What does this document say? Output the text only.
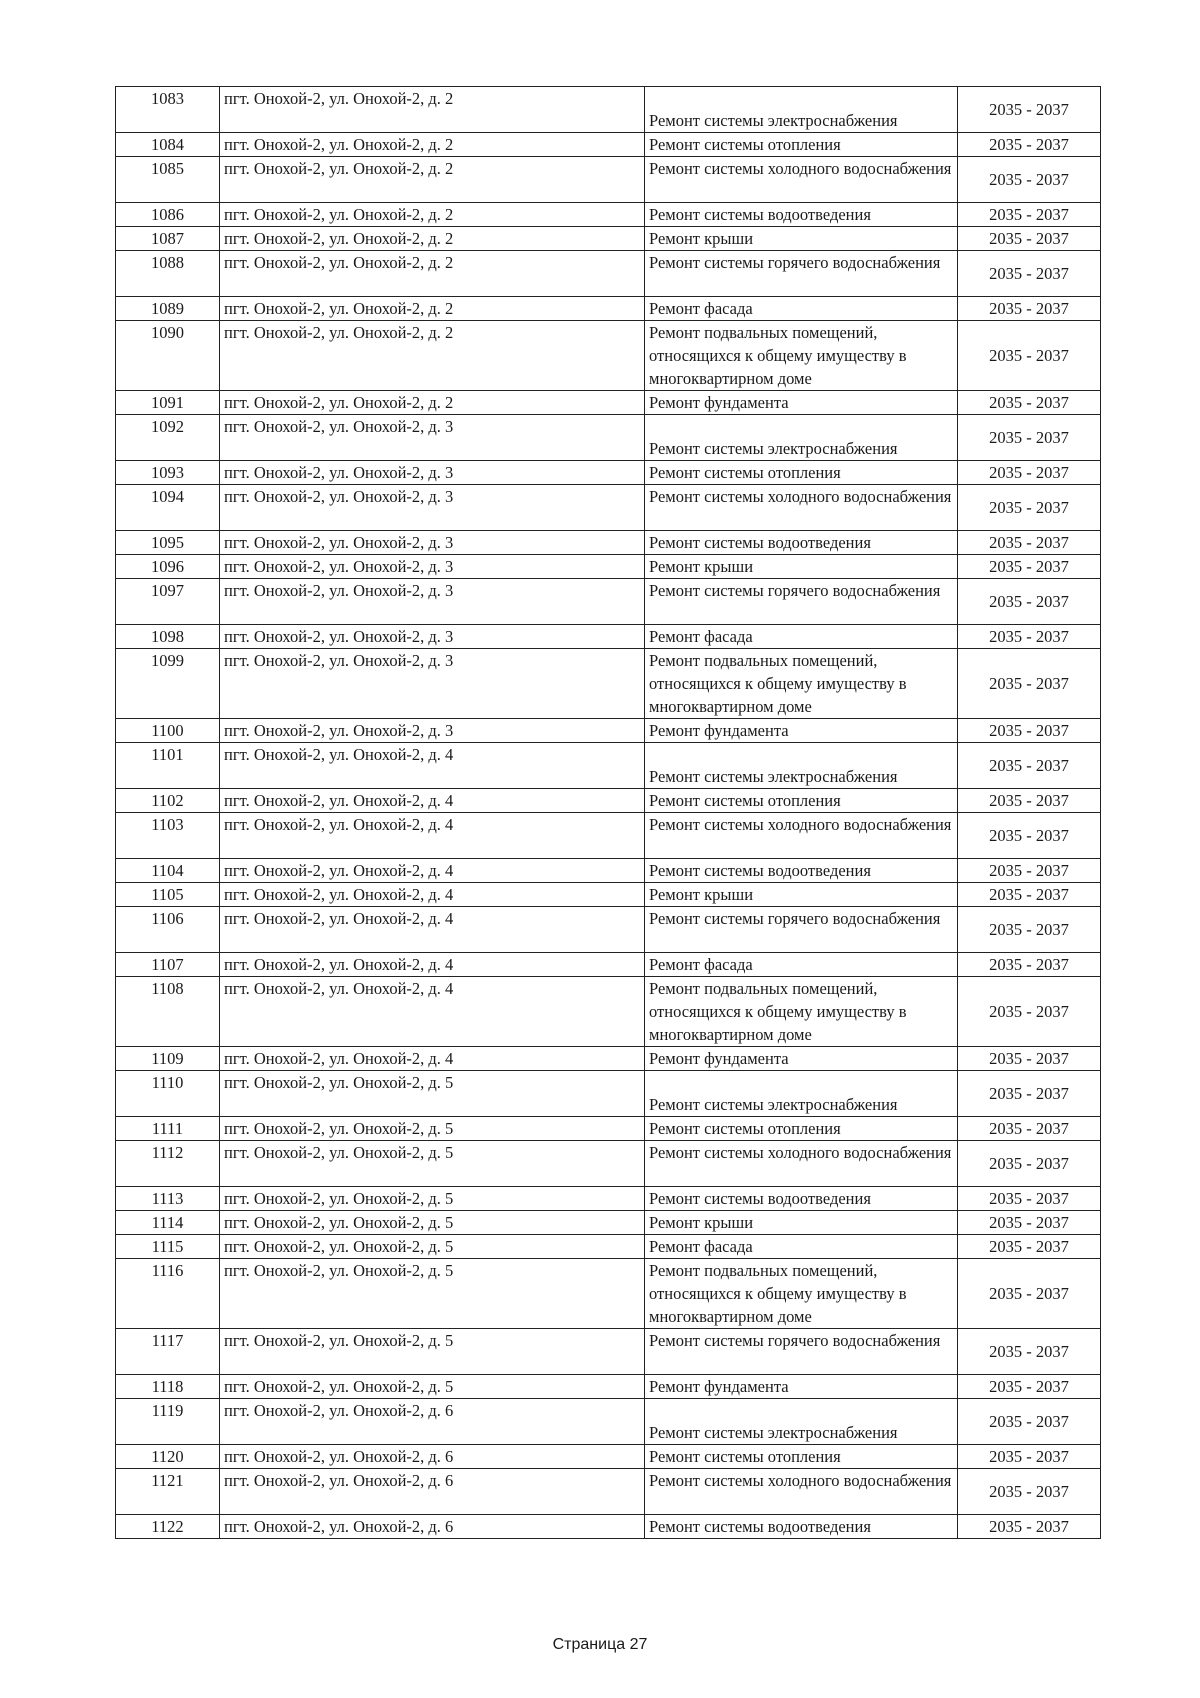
1083	пгт. Онохой-2, ул. Онохой-2, д. 2	Ремонт системы электроснабжения	2035 - 2037
1084	пгт. Онохой-2, ул. Онохой-2, д. 2	Ремонт системы отопления	2035 - 2037
1085	пгт. Онохой-2, ул. Онохой-2, д. 2	Ремонт системы холодного водоснабжения	2035 - 2037
1086	пгт. Онохой-2, ул. Онохой-2, д. 2	Ремонт системы водоотведения	2035 - 2037
1087	пгт. Онохой-2, ул. Онохой-2, д. 2	Ремонт крыши	2035 - 2037
1088	пгт. Онохой-2, ул. Онохой-2, д. 2	Ремонт системы горячего водоснабжения	2035 - 2037
1089	пгт. Онохой-2, ул. Онохой-2, д. 2	Ремонт фасада	2035 - 2037
1090	пгт. Онохой-2, ул. Онохой-2, д. 2	Ремонт подвальных помещений, относящихся к общему имуществу в многоквартирном доме	2035 - 2037
1091	пгт. Онохой-2, ул. Онохой-2, д. 2	Ремонт фундамента	2035 - 2037
1092	пгт. Онохой-2, ул. Онохой-2, д. 3	Ремонт системы электроснабжения	2035 - 2037
1093	пгт. Онохой-2, ул. Онохой-2, д. 3	Ремонт системы отопления	2035 - 2037
1094	пгт. Онохой-2, ул. Онохой-2, д. 3	Ремонт системы холодного водоснабжения	2035 - 2037
1095	пгт. Онохой-2, ул. Онохой-2, д. 3	Ремонт системы водоотведения	2035 - 2037
1096	пгт. Онохой-2, ул. Онохой-2, д. 3	Ремонт крыши	2035 - 2037
1097	пгт. Онохой-2, ул. Онохой-2, д. 3	Ремонт системы горячего водоснабжения	2035 - 2037
1098	пгт. Онохой-2, ул. Онохой-2, д. 3	Ремонт фасада	2035 - 2037
1099	пгт. Онохой-2, ул. Онохой-2, д. 3	Ремонт подвальных помещений, относящихся к общему имуществу в многоквартирном доме	2035 - 2037
1100	пгт. Онохой-2, ул. Онохой-2, д. 3	Ремонт фундамента	2035 - 2037
1101	пгт. Онохой-2, ул. Онохой-2, д. 4	Ремонт системы электроснабжения	2035 - 2037
1102	пгт. Онохой-2, ул. Онохой-2, д. 4	Ремонт системы отопления	2035 - 2037
1103	пгт. Онохой-2, ул. Онохой-2, д. 4	Ремонт системы холодного водоснабжения	2035 - 2037
1104	пгт. Онохой-2, ул. Онохой-2, д. 4	Ремонт системы водоотведения	2035 - 2037
1105	пгт. Онохой-2, ул. Онохой-2, д. 4	Ремонт крыши	2035 - 2037
1106	пгт. Онохой-2, ул. Онохой-2, д. 4	Ремонт системы горячего водоснабжения	2035 - 2037
1107	пгт. Онохой-2, ул. Онохой-2, д. 4	Ремонт фасада	2035 - 2037
1108	пгт. Онохой-2, ул. Онохой-2, д. 4	Ремонт подвальных помещений, относящихся к общему имуществу в многоквартирном доме	2035 - 2037
1109	пгт. Онохой-2, ул. Онохой-2, д. 4	Ремонт фундамента	2035 - 2037
1110	пгт. Онохой-2, ул. Онохой-2, д. 5	Ремонт системы электроснабжения	2035 - 2037
1111	пгт. Онохой-2, ул. Онохой-2, д. 5	Ремонт системы отопления	2035 - 2037
1112	пгт. Онохой-2, ул. Онохой-2, д. 5	Ремонт системы холодного водоснабжения	2035 - 2037
1113	пгт. Онохой-2, ул. Онохой-2, д. 5	Ремонт системы водоотведения	2035 - 2037
1114	пгт. Онохой-2, ул. Онохой-2, д. 5	Ремонт крыши	2035 - 2037
1115	пгт. Онохой-2, ул. Онохой-2, д. 5	Ремонт фасада	2035 - 2037
1116	пгт. Онохой-2, ул. Онохой-2, д. 5	Ремонт подвальных помещений, относящихся к общему имуществу в многоквартирном доме	2035 - 2037
1117	пгт. Онохой-2, ул. Онохой-2, д. 5	Ремонт системы горячего водоснабжения	2035 - 2037
1118	пгт. Онохой-2, ул. Онохой-2, д. 5	Ремонт фундамента	2035 - 2037
1119	пгт. Онохой-2, ул. Онохой-2, д. 6	Ремонт системы электроснабжения	2035 - 2037
1120	пгт. Онохой-2, ул. Онохой-2, д. 6	Ремонт системы отопления	2035 - 2037
1121	пгт. Онохой-2, ул. Онохой-2, д. 6	Ремонт системы холодного водоснабжения	2035 - 2037
1122	пгт. Онохой-2, ул. Онохой-2, д. 6	Ремонт системы водоотведения	2035 - 2037
Страница 27
